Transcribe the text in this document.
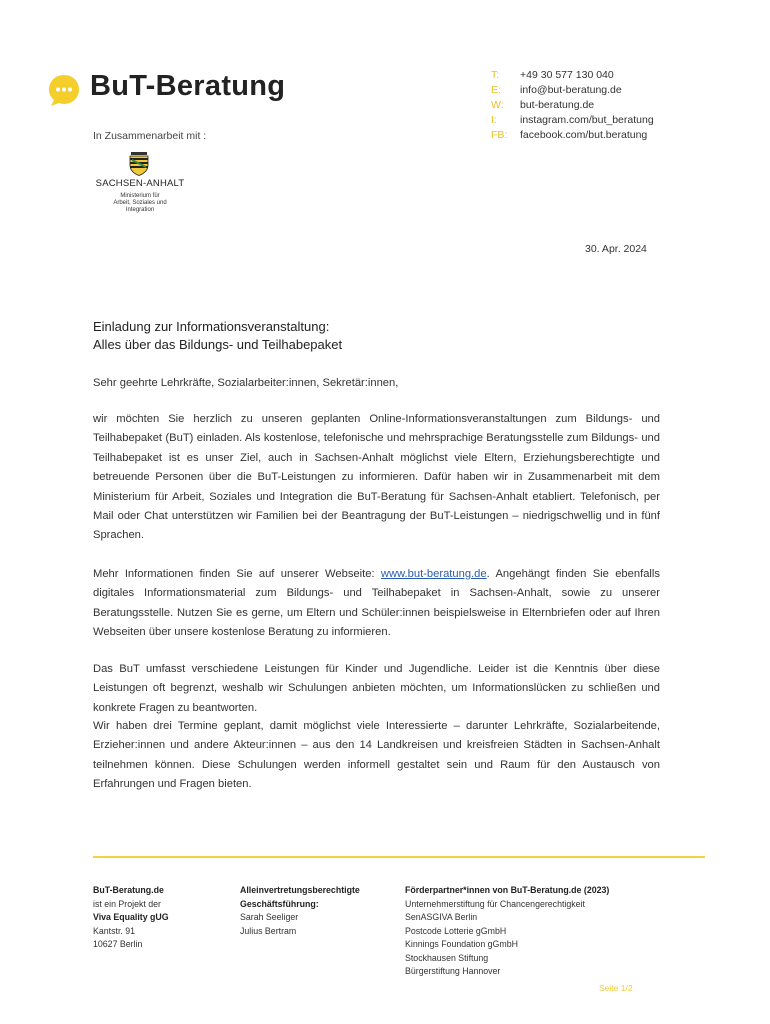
BuT-Beratung
In Zusammenarbeit mit :
SACHSEN-ANHALT
Ministerium für
Arbeit, Soziales und
Integration
T:	+49 30 577 130 040
E:	info@but-beratung.de
W:	but-beratung.de
I:	instagram.com/but_beratung
FB:	facebook.com/but.beratung
30. Apr. 2024
Einladung zur Informationsveranstaltung:
Alles über das Bildungs- und Teilhabepaket
Sehr geehrte Lehrkräfte, Sozialarbeiter:innen, Sekretär:innen,
wir möchten Sie herzlich zu unseren geplanten Online-Informationsveranstaltungen zum Bildungs- und Teilhabepaket (BuT) einladen. Als kostenlose, telefonische und mehrsprachige Beratungsstelle zum Bildungs- und Teilhabepaket ist es unser Ziel, auch in Sachsen-Anhalt möglichst viele Eltern, Erziehungsberechtigte und betreuende Personen über die BuT-Leistungen zu informieren. Dafür haben wir in Zusammenarbeit mit dem Ministerium für Arbeit, Soziales und Integration die BuT-Beratung für Sachsen-Anhalt etabliert. Telefonisch, per Mail oder Chat unterstützen wir Familien bei der Beantragung der BuT-Leistungen – niedrigschwellig und in fünf Sprachen.
Mehr Informationen finden Sie auf unserer Webseite: www.but-beratung.de. Angehängt finden Sie ebenfalls digitales Informationsmaterial zum Bildungs- und Teilhabepaket in Sachsen-Anhalt, sowie zu unserer Beratungsstelle. Nutzen Sie es gerne, um Eltern und Schüler:innen beispielsweise in Elternbriefen oder auf Ihren Webseiten über unsere kostenlose Beratung zu informieren.
Das BuT umfasst verschiedene Leistungen für Kinder und Jugendliche. Leider ist die Kenntnis über diese Leistungen oft begrenzt, weshalb wir Schulungen anbieten möchten, um Informationslücken zu schließen und konkrete Fragen zu beantworten.
Wir haben drei Termine geplant, damit möglichst viele Interessierte – darunter Lehrkräfte, Sozialarbeitende, Erzieher:innen und andere Akteur:innen – aus den 14 Landkreisen und kreisfreien Städten in Sachsen-Anhalt teilnehmen können. Diese Schulungen werden informell gestaltet sein und Raum für den Austausch von Erfahrungen und Fragen bieten.
BuT-Beratung.de
ist ein Projekt der
Viva Equality gUG
Kantstr. 91
10627 Berlin
Alleinvertretungsberechtigte
Geschäftsführung:
Sarah Seeliger
Julius Bertram
Förderpartner*innen von BuT-Beratung.de (2023)
Unternehmerstiftung für Chancengerechtigkeit
SenASGIVA Berlin
Postcode Lotterie gGmbH
Kinnings Foundation gGmbH
Stockhausen Stiftung
Bürgerstiftung Hannover
Seite 1/2
